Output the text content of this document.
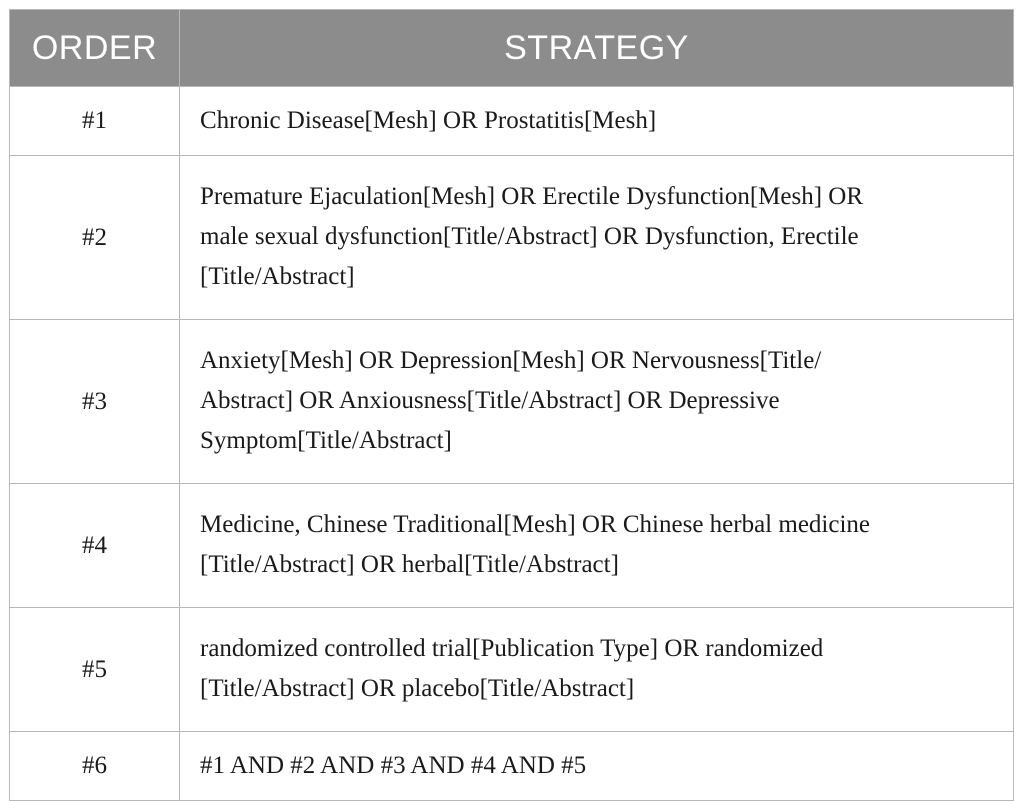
ORDER	STRATEGY
#1	Chronic Disease[Mesh] OR Prostatitis[Mesh]

#2	Premature Ejaculation[Mesh] OR Erectile Dysfunction[Mesh] OR
male sexual dysfunction[Title/Abstract] OR Dysfunction, Erectile
[Title/Abstract]

#3	Anxiety[Mesh] OR Depression[Mesh] OR Nervousness[Title/
Abstract] OR Anxiousness[Title/Abstract] OR Depressive
Symptom[Title/Abstract]

#4	Medicine, Chinese Traditional[Mesh] OR Chinese herbal medicine
[Title/Abstract] OR herbal[Title/Abstract]

#5	randomized controlled trial[Publication Type] OR randomized
[Title/Abstract] OR placebo[Title/Abstract]

#6	#1 AND #2 AND #3 AND #4 AND #5
